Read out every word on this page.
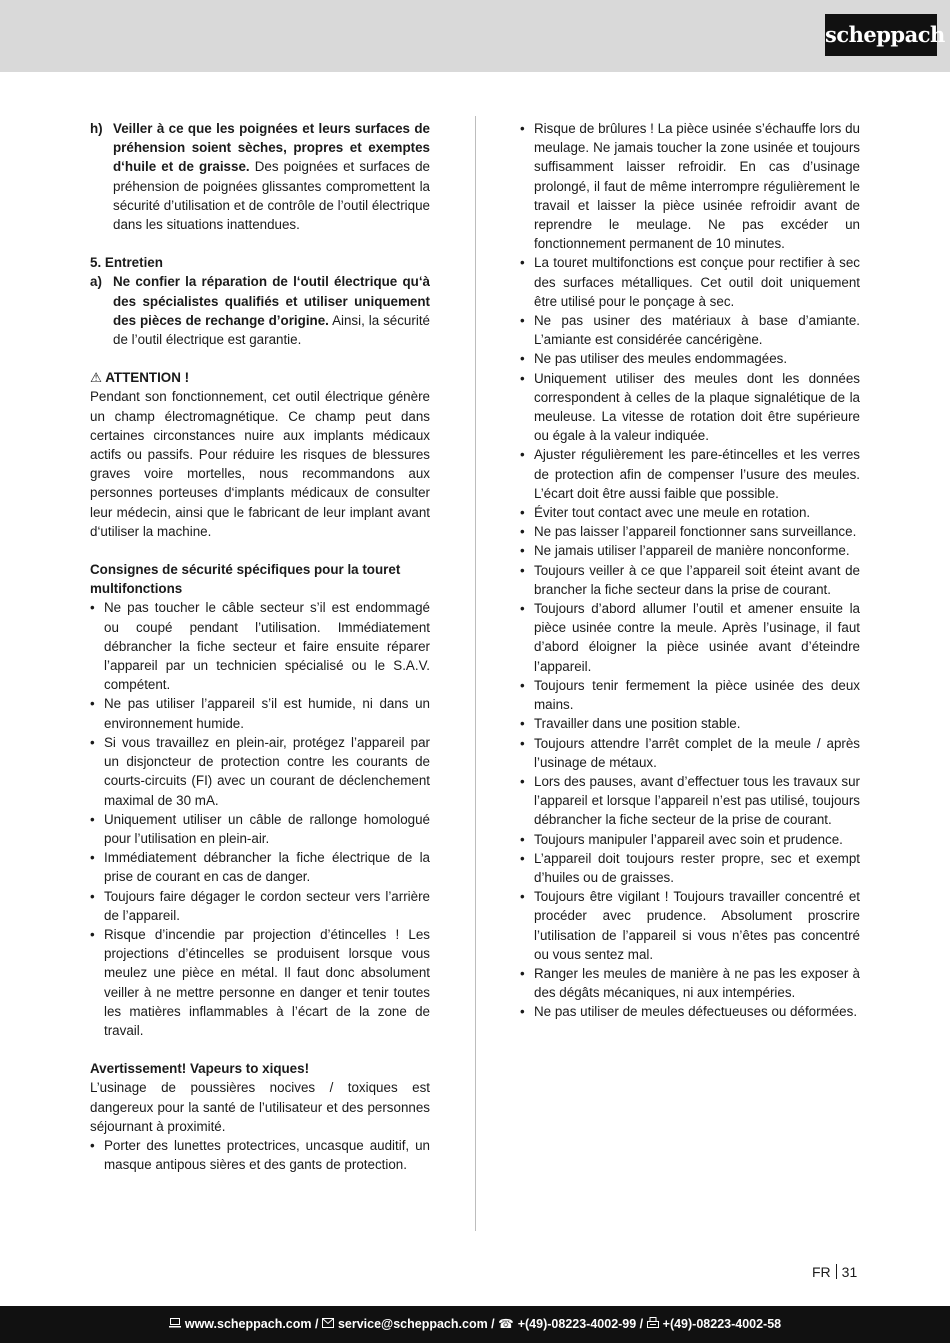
scheppach
h) Veiller à ce que les poignées et leurs surfaces de préhension soient sèches, propres et exemptes d‘huile et de graisse. Des poignées et surfaces de préhension de poignées glissantes compromettent la sécurité d’utilisation et de contrôle de l’outil électrique dans les situations inattendues.

5. Entretien

a) Ne confier la réparation de l‘outil électrique qu‘à des spécialistes qualifiés et utiliser uniquement des pièces de rechange d’origine. Ainsi, la sécurité de l’outil électrique est garantie.

⚠ ATTENTION !

Pendant son fonctionnement, cet outil électrique génère un champ électromagnétique. Ce champ peut dans certaines circonstances nuire aux implants médicaux actifs ou passifs. Pour réduire les risques de blessures graves voire mortelles, nous recommandons aux personnes porteuses d‘implants médicaux de consulter leur médecin, ainsi que le fabricant de leur implant avant d‘utiliser la machine.

Consignes de sécurité spécifiques pour la touret multifonctions

• Ne pas toucher le câble secteur s’il est endommagé ou coupé pendant l’utilisation. Immédiatement débrancher la fiche secteur et faire ensuite réparer l’appareil par un technicien spécialisé ou le S.A.V. compétent.
• Ne pas utiliser l’appareil s’il est humide, ni dans un environnement humide.
• Si vous travaillez en plein-air, protégez l’appareil par un disjoncteur de protection contre les courants de courts-circuits (FI) avec un courant de déclenchement maximal de 30 mA.
• Uniquement utiliser un câble de rallonge homologué pour l’utilisation en plein-air.
• Immédiatement débrancher la fiche électrique de la prise de courant en cas de danger.
• Toujours faire dégager le cordon secteur vers l’arrière de l’appareil.
• Risque d’incendie par projection d’étincelles ! Les projections d’étincelles se produisent lorsque vous meulez une pièce en métal. Il faut donc absolument veiller à ne mettre personne en danger et tenir toutes les matières inflammables à l’écart de la zone de travail.

Avertissement! Vapeurs to xiques!

L’usinage de poussières nocives / toxiques est dangereux pour la santé de l’utilisateur et des personnes séjournant à proximité.

• Porter des lunettes protectrices, uncasque auditif, un masque antipous sières et des gants de protection.
• Risque de brûlures ! La pièce usinée s’échauffe lors du meulage. Ne jamais toucher la zone usinée et toujours suffisamment laisser refroidir. En cas d’usinage prolongé, il faut de même interrompre régulièrement le travail et laisser la pièce usinée refroidir avant de reprendre le meulage. Ne pas excéder un fonctionnement permanent de 10 minutes.
• La touret multifonctions est conçue pour rectifier à sec des surfaces métalliques. Cet outil doit uniquement être utilisé pour le ponçage à sec.
• Ne pas usiner des matériaux à base d’amiante. L’amiante est considérée cancérigène.
• Ne pas utiliser des meules endommagées.
• Uniquement utiliser des meules dont les données correspondent à celles de la plaque signalétique de la meuleuse. La vitesse de rotation doit être supérieure ou égale à la valeur indiquée.
• Ajuster régulièrement les pare-étincelles et les verres de protection afin de compenser l’usure des meules. L’écart doit être aussi faible que possible.
• Éviter tout contact avec une meule en rotation.
• Ne pas laisser l’appareil fonctionner sans surveillance.
• Ne jamais utiliser l’appareil de manière nonconforme.
• Toujours veiller à ce que l’appareil soit éteint avant de brancher la fiche secteur dans la prise de courant.
• Toujours d’abord allumer l’outil et amener ensuite la pièce usinée contre la meule. Après l’usinage, il faut d’abord éloigner la pièce usinée avant d’éteindre l’appareil.
• Toujours tenir fermement la pièce usinée des deux mains.
• Travailler dans une position stable.
• Toujours attendre l’arrêt complet de la meule / après l’usinage de métaux.
• Lors des pauses, avant d’effectuer tous les travaux sur l’appareil et lorsque l’appareil n’est pas utilisé, toujours débrancher la fiche secteur de la prise de courant.
• Toujours manipuler l’appareil avec soin et prudence.
• L’appareil doit toujours rester propre, sec et exempt d’huiles ou de graisses.
• Toujours être vigilant ! Toujours travailler concentré et procéder avec prudence. Absolument proscrire l’utilisation de l’appareil si vous n’êtes pas concentré ou vous sentez mal.
• Ranger les meules de manière à ne pas les exposer à des dégâts mécaniques, ni aux intempéries.
• Ne pas utiliser de meules défectueuses ou déformées.
FR 31
www.scheppach.com / service@scheppach.com / ☎ +(49)-08223-4002-99 / +(49)-08223-4002-58
